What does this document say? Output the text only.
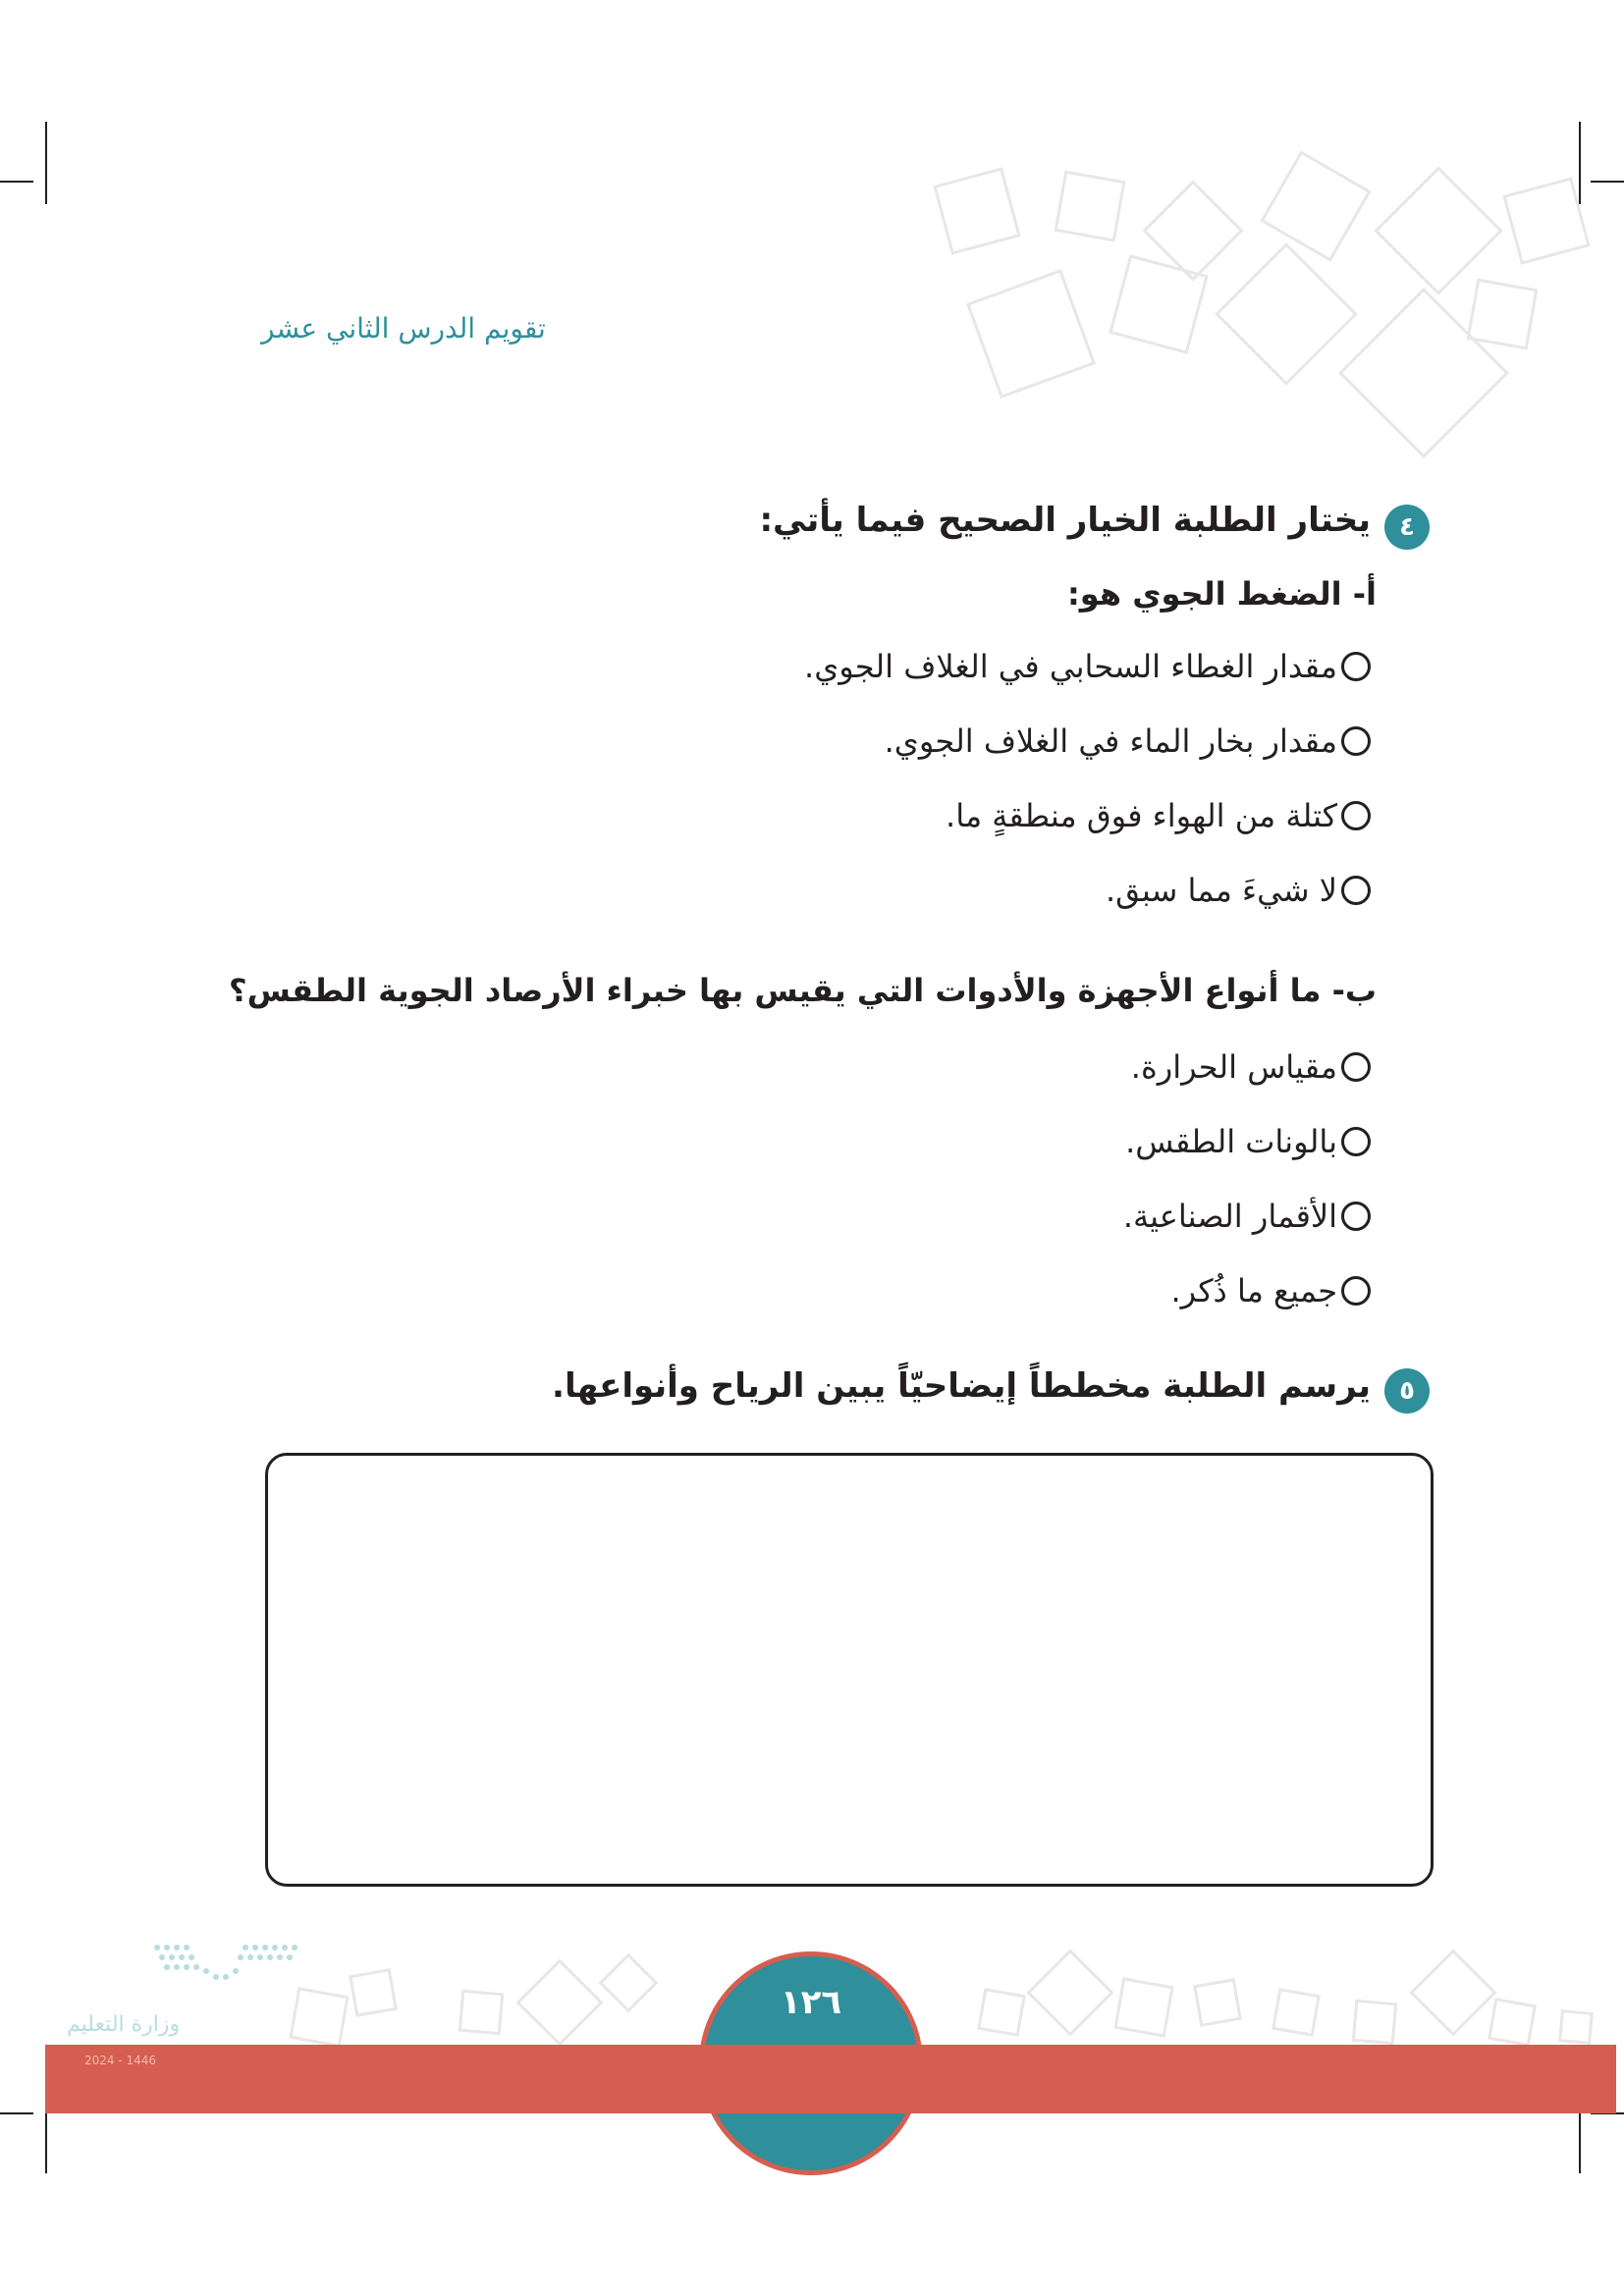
تقويم الدرس الثاني عشر
٤
يختار الطلبة الخيار الصحيح فيما يأتي:
أ- الضغط الجوي هو:
مقدار الغطاء السحابي في الغلاف الجوي.
مقدار بخار الماء في الغلاف الجوي.
كتلة من الهواء فوق منطقةٍ ما.
لا شيءَ مما سبق.
ب- ما أنواع الأجهزة والأدوات التي يقيس بها خبراء الأرصاد الجوية الطقس؟
مقياس الحرارة.
بالونات الطقس.
الأقمار الصناعية.
جميع ما ذُكر.
٥
يرسم الطلبة مخططاً إيضاحيّاً يبين الرياح وأنواعها.
١٢٦
وزارة التعليم
2024 - 1446
